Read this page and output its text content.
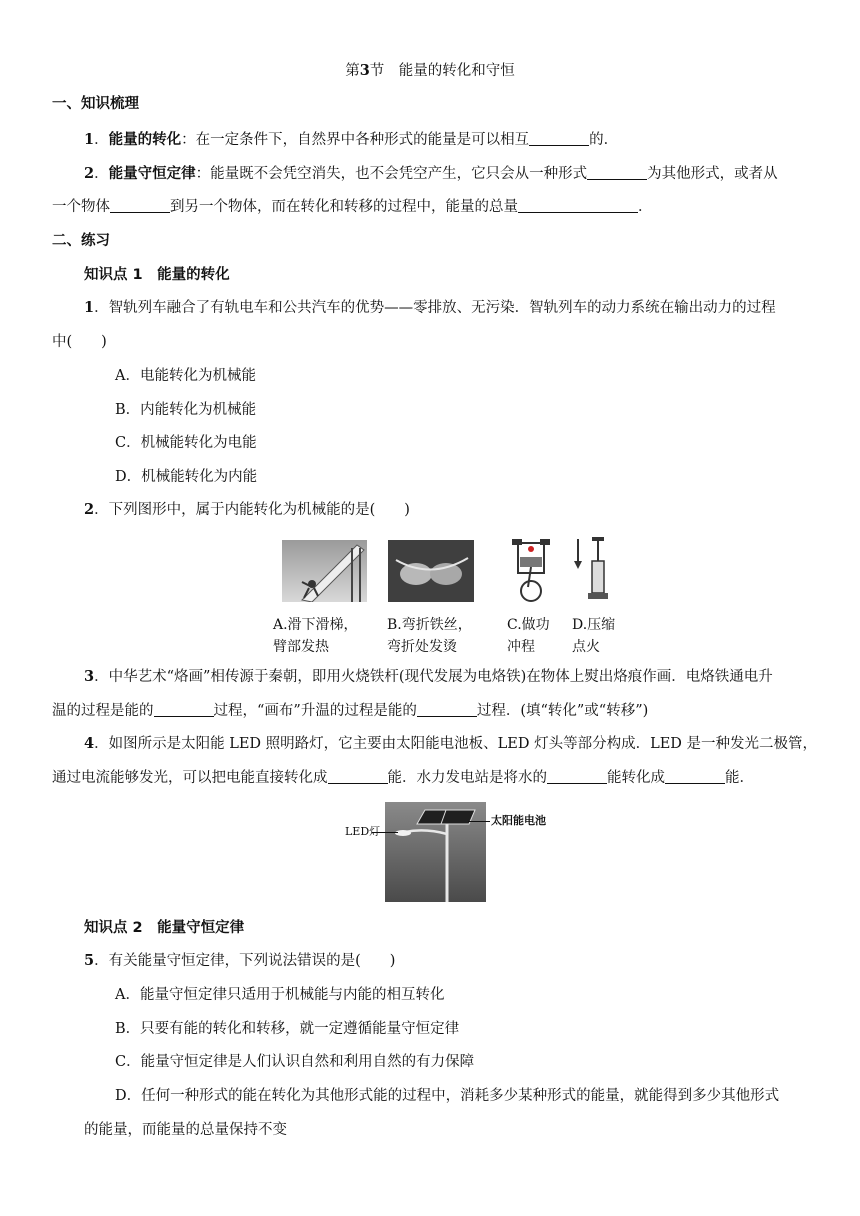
第3节　能量的转化和守恒
一、知识梳理
1．能量的转化：在一定条件下，自然界中各种形式的能量是可以相互	的．
2．能量守恒定律：能量既不会凭空消失，也不会凭空产生，它只会从一种形式	为其他形式，或者从
一个物体	到另一个物体，而在转化和转移的过程中，能量的总量	．
二、练习
知识点 1　能量的转化
1．智轨列车融合了有轨电车和公共汽车的优势——零排放、无污染．智轨列车的动力系统在输出动力的过程
中(　　)
A．电能转化为机械能
B．内能转化为机械能
C．机械能转化为电能
D．机械能转化为内能
2．下列图形中，属于内能转化为机械能的是(　　)
A.滑下滑梯，
臂部发热
B.弯折铁丝，
弯折处发烫
C.做功
冲程
D.压缩
点火
3．中华艺术“烙画”相传源于秦朝，即用火烧铁杆(现代发展为电烙铁)在物体上熨出烙痕作画．电烙铁通电升
温的过程是能的	过程，“画布”升温的过程是能的	过程．(填“转化”或“转移”)
4．如图所示是太阳能 LED 照明路灯，它主要由太阳能电池板、LED 灯头等部分构成．LED 是一种发光二极管，
通过电流能够发光，可以把电能直接转化成	能．水力发电站是将水的	能转化成	能．
LED灯
太阳能电池
知识点 2　能量守恒定律
5．有关能量守恒定律，下列说法错误的是(　　)
A．能量守恒定律只适用于机械能与内能的相互转化
B．只要有能的转化和转移，就一定遵循能量守恒定律
C．能量守恒定律是人们认识自然和利用自然的有力保障
D．任何一种形式的能在转化为其他形式能的过程中，消耗多少某种形式的能量，就能得到多少其他形式
的能量，而能量的总量保持不变
